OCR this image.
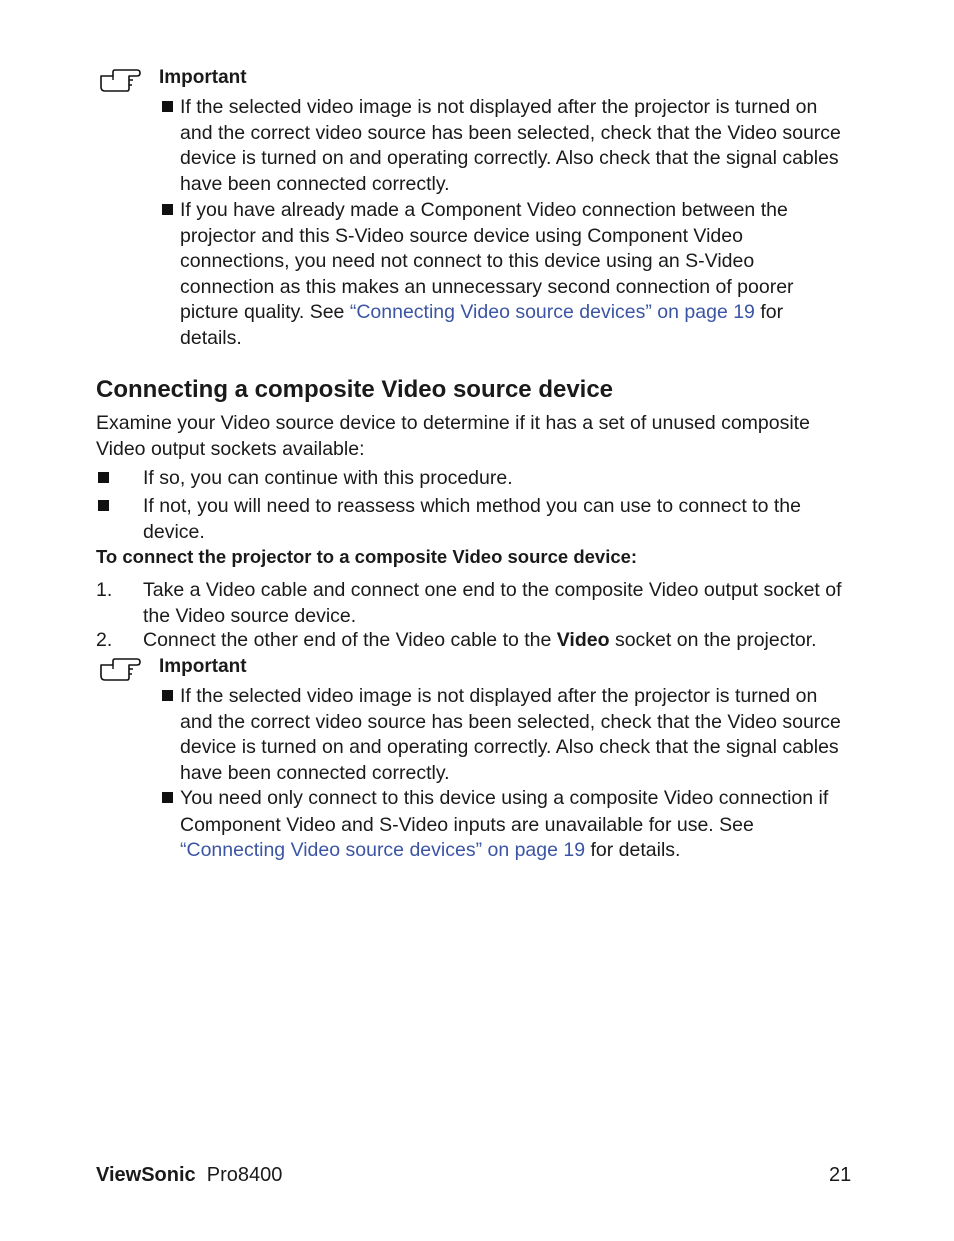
Important
If the selected video image is not displayed after the projector is turned on
and the correct video source has been selected, check that the Video source
device is turned on and operating correctly. Also check that the signal cables
have been connected correctly.
If you have already made a Component Video connection between the
projector and this S-Video source device using Component Video
connections, you need not connect to this device using an S-Video
connection as this makes an unnecessary second connection of poorer
picture quality. See “Connecting Video source devices” on page 19 for
details.
Connecting a composite Video source device
Examine your Video source device to determine if it has a set of unused composite
Video output sockets available:
If so, you can continue with this procedure.
If not, you will need to reassess which method you can use to connect to the
device.
To connect the projector to a composite Video source device:
1. Take a Video cable and connect one end to the composite Video output socket of
the Video source device.
2. Connect the other end of the Video cable to the Video socket on the projector.
Important
If the selected video image is not displayed after the projector is turned on
and the correct video source has been selected, check that the Video source
device is turned on and operating correctly. Also check that the signal cables
have been connected correctly.
You need only connect to this device using a composite Video connection if
Component Video and S-Video inputs are unavailable for use. See
“Connecting Video source devices” on page 19 for details.
ViewSonic Pro8400	21
